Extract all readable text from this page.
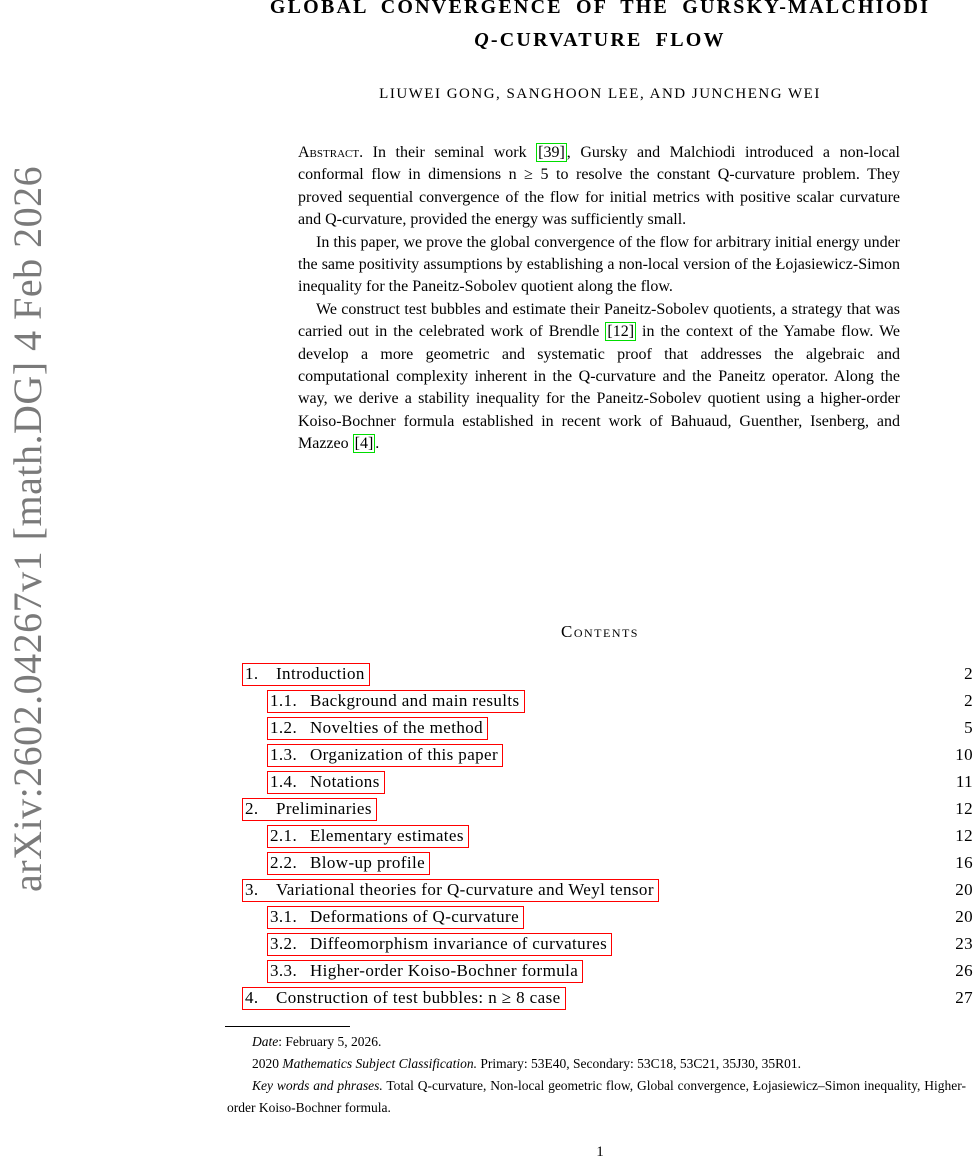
arXiv:2602.04267v1 [math.DG] 4 Feb 2026
GLOBAL CONVERGENCE OF THE GURSKY-MALCHIODI
Q-CURVATURE FLOW
LIUWEI GONG, SANGHOON LEE, AND JUNCHENG WEI

Abstract. In their seminal work [39] , Gursky and Malchiodi introduced a non-local conformal flow in dimensions n ≥ 5 to resolve the constant Q-curvature problem. They proved sequential convergence of the flow for initial metrics with positive scalar curvature and Q-curvature, provided the energy was sufficiently small.

In this paper, we prove the global convergence of the flow for arbitrary initial energy under the same positivity assumptions by establishing a non-local version of the Łojasiewicz-Simon inequality for the Paneitz-Sobolev quotient along the flow.

We construct test bubbles and estimate their Paneitz-Sobolev quotients, a strategy that was carried out in the celebrated work of Brendle [12] in the context of the Yamabe flow. We develop a more geometric and systematic proof that addresses the algebraic and computational complexity inherent in the Q-curvature and the Paneitz operator. Along the way, we derive a stability inequality for the Paneitz-Sobolev quotient using a higher-order Koiso-Bochner formula established in recent work of Bahuaud, Guenther, Isenberg, and Mazzeo [4] .

Contents
1. Introduction	2
1.1. Background and main results	2
1.2. Novelties of the method	5
1.3. Organization of this paper	10
1.4. Notations	11
2. Preliminaries	12
2.1. Elementary estimates	12
2.2. Blow-up profile	16
3. Variational theories for Q-curvature and Weyl tensor	20
3.1. Deformations of Q-curvature	20
3.2. Diffeomorphism invariance of curvatures	23
3.3. Higher-order Koiso-Bochner formula	26
4. Construction of test bubbles: n ≥ 8 case	27

Date: February 5, 2026.

2020 Mathematics Subject Classification. Primary: 53E40, Secondary: 53C18, 53C21, 35J30, 35R01.

Key words and phrases. Total Q-curvature, Non-local geometric flow, Global convergence, Łojasiewicz–Simon inequality, Higher-order Koiso-Bochner formula.

1
